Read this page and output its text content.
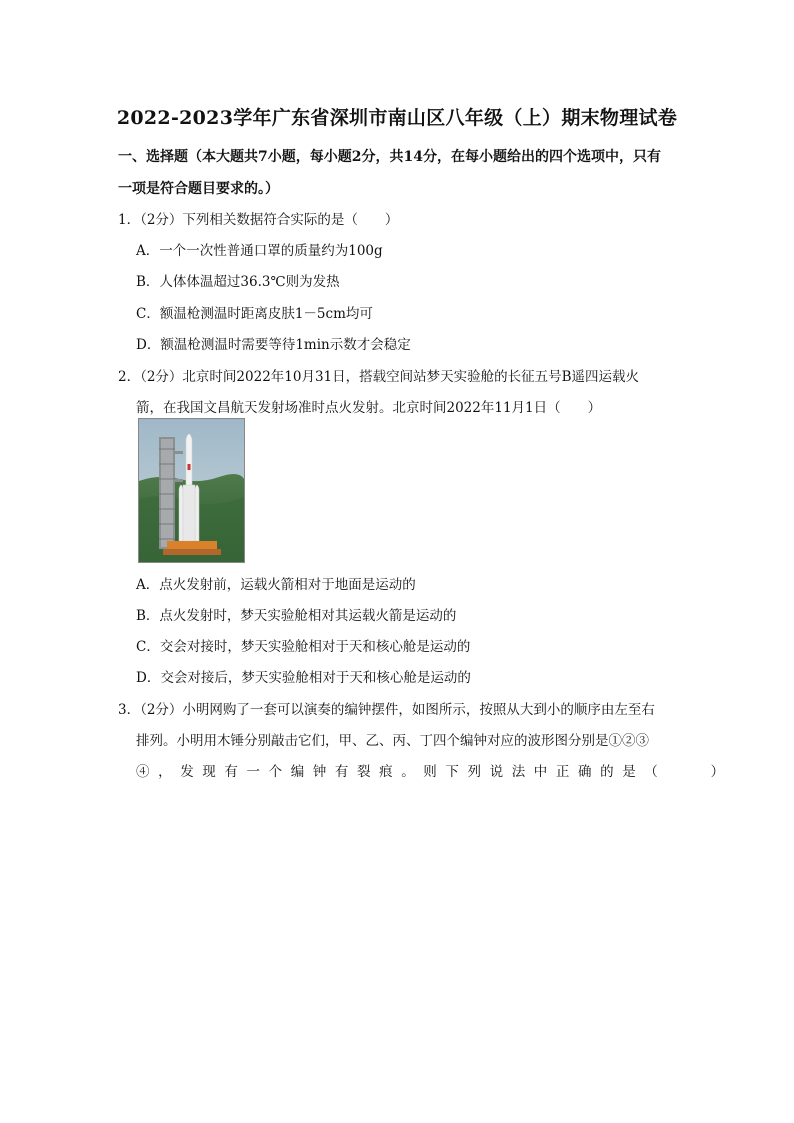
2022-2023学年广东省深圳市南山区八年级（上）期末物理试卷
一、选择题（本大题共7小题，每小题2分，共14分，在每小题给出的四个选项中，只有
一项是符合题目要求的。）
1．（2分）下列相关数据符合实际的是（　　）
A．一个一次性普通口罩的质量约为100g
B．人体体温超过36.3℃则为发热
C．额温枪测温时距离皮肤1－5cm均可
D．额温枪测温时需要等待1min示数才会稳定
2．（2分）北京时间2022年10月31日，搭载空间站梦天实验舱的长征五号B遥四运载火
箭，在我国文昌航天发射场准时点火发射。北京时间2022年11月1日（　　）
A．点火发射前，运载火箭相对于地面是运动的
B．点火发射时，梦天实验舱相对其运载火箭是运动的
C．交会对接时，梦天实验舱相对于天和核心舱是运动的
D．交会对接后，梦天实验舱相对于天和核心舱是运动的
3．（2分）小明网购了一套可以演奏的编钟摆件，如图所示，按照从大到小的顺序由左至右
排列。小明用木锤分别敲击它们，甲、乙、丙、丁四个编钟对应的波形图分别是①②③
④，发现有一个编钟有裂痕。则下列说法中正确的是（　　）
